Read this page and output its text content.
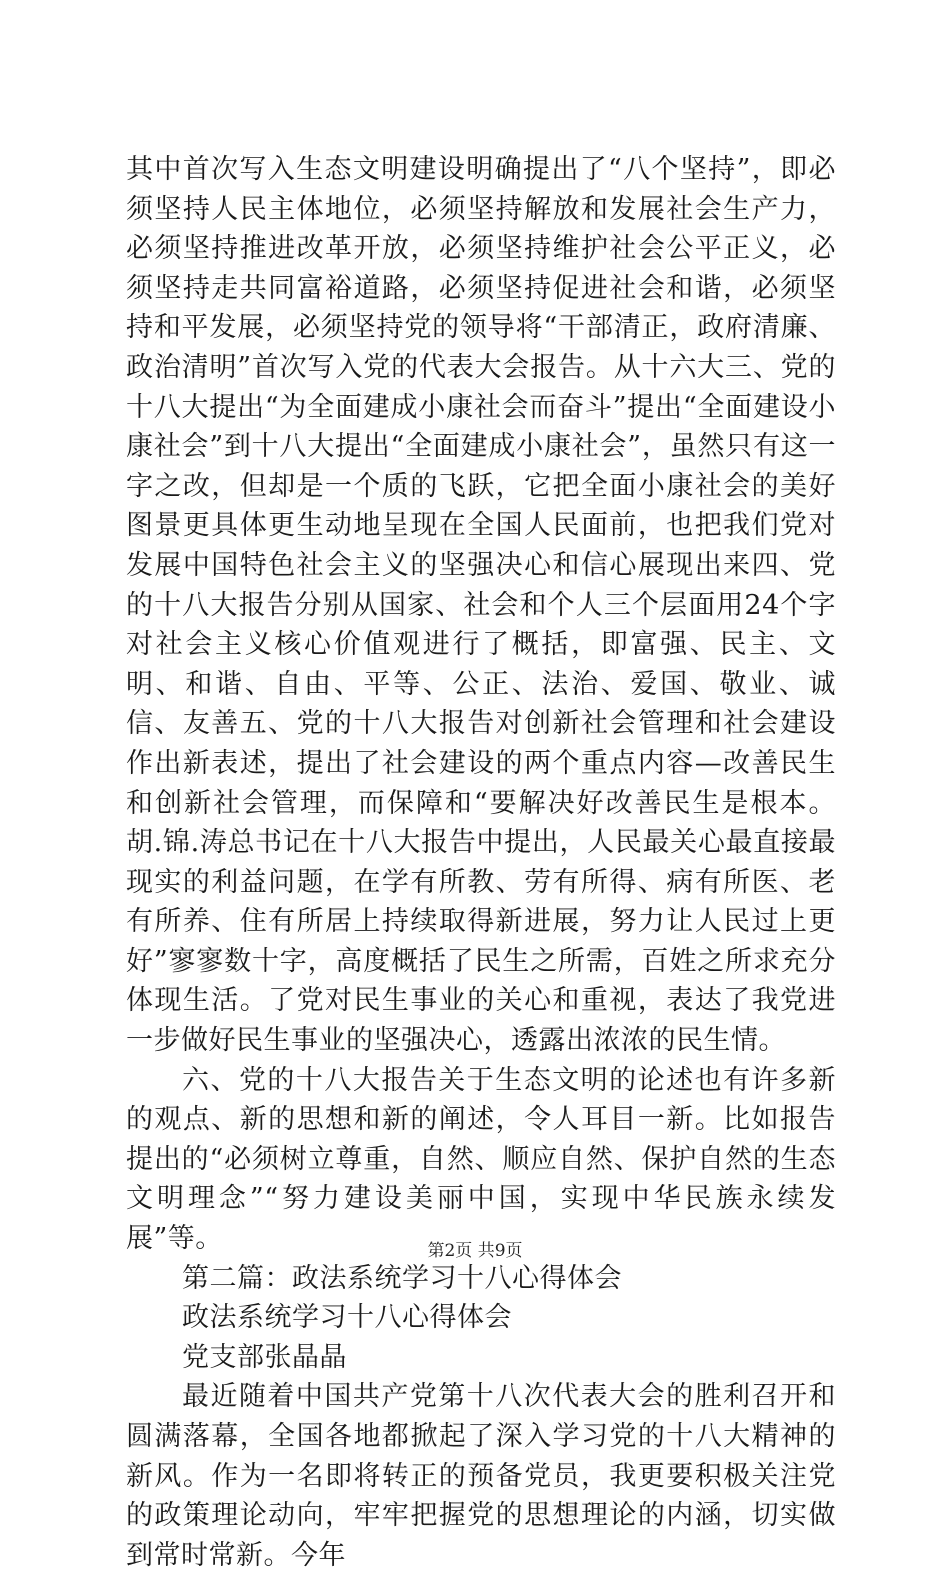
其中首次写入生态文明建设明确提出了“八个坚持”，即必须坚持人民主体地位，必须坚持解放和发展社会生产力，必须坚持推进改革开放，必须坚持维护社会公平正义，必须坚持走共同富裕道路，必须坚持促进社会和谐，必须坚持和平发展，必须坚持党的领导将“干部清正，政府清廉、政治清明”首次写入党的代表大会报告。从十六大三、党的十八大提出“为全面建成小康社会而奋斗”提出“全面建设小康社会”到十八大提出“全面建成小康社会”，虽然只有这一字之改，但却是一个质的飞跃，它把全面小康社会的美好图景更具体更生动地呈现在全国人民面前，也把我们党对发展中国特色社会主义的坚强决心和信心展现出来四、党的十八大报告分别从国家、社会和个人三个层面用24个字对社会主义核心价值观进行了概括，即富强、民主、文明、和谐、自由、平等、公正、法治、爱国、敬业、诚信、友善五、党的十八大报告对创新社会管理和社会建设作出新表述，提出了社会建设的两个重点内容—改善民生和创新社会管理，而保障和“要解决好改善民生是根本。胡.锦.涛总书记在十八大报告中提出，人民最关心最直接最现实的利益问题，在学有所教、劳有所得、病有所医、老有所养、住有所居上持续取得新进展，努力让人民过上更好”寥寥数十字，高度概括了民生之所需，百姓之所求充分体现生活。了党对民生事业的关心和重视，表达了我党进一步做好民生事业的坚强决心，透露出浓浓的民生情。

六、党的十八大报告关于生态文明的论述也有许多新的观点、新的思想和新的阐述，令人耳目一新。比如报告提出的“必须树立尊重，自然、顺应自然、保护自然的生态文明理念”“努力建设美丽中国，实现中华民族永续发展”等。

第二篇：政法系统学习十八心得体会

政法系统学习十八心得体会

党支部张晶晶

最近随着中国共产党第十八次代表大会的胜利召开和圆满落幕，全国各地都掀起了深入学习党的十八大精神的新风。作为一名即将转正的预备党员，我更要积极关注党的政策理论动向，牢牢把握党的思想理论的内涵，切实做到常时常新。今年

第2页 共9页
